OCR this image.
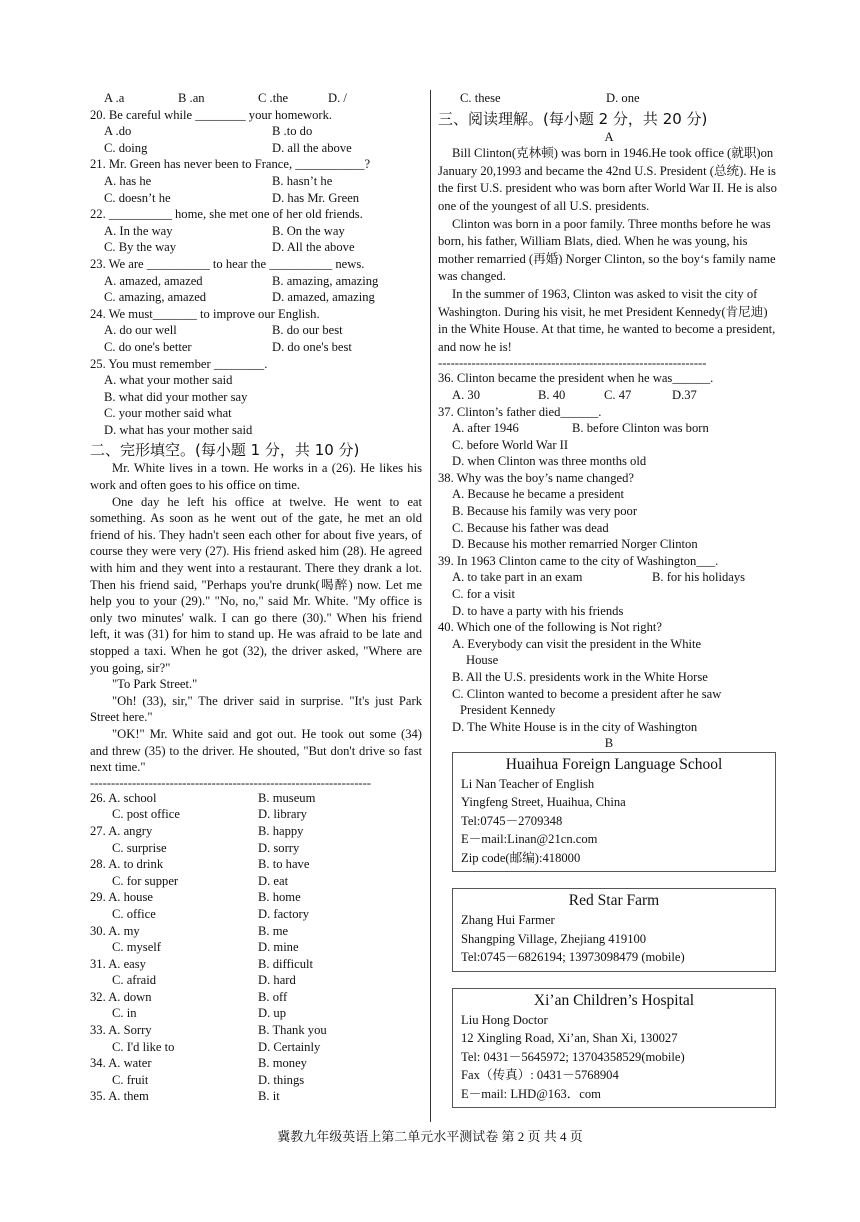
A .a	B .an	C .the	D. /
20. Be careful while ________ your homework.
A .do	B .to do
C. doing	D. all the above
21. Mr. Green has never been to France, ___________?
A. has he	B. hasn’t he
C. doesn’t he	D. has Mr. Green
22. __________ home, she met one of her old friends.
A. In the way	B. On the way
C. By the way	D. All the above
23. We are __________ to hear the __________ news.
A. amazed, amazed	B. amazing, amazing
C. amazing, amazed	D. amazed, amazing
24. We must_______ to improve our English.
A. do our well	B. do our best
C. do one's better	D. do one's best
25. You must remember ________.
A. what your mother said
B. what did your mother say
C. your mother said what
D. what has your mother said
二、完形填空。(每小题 1 分，共 10 分)

Mr. White lives in a town. He works in a (26). He likes his work and often goes to his office on time.

One day he left his office at twelve. He went to eat something. As soon as he went out of the gate, he met an old friend of his. They hadn't seen each other for about five years, of course they were very (27). His friend asked him (28). He agreed with him and they went into a restaurant. There they drank a lot. Then his friend said, "Perhaps you're drunk(喝醉) now. Let me help you to your (29)." "No, no," said Mr. White. "My office is only two minutes' walk. I can go there (30)." When his friend left, it was (31) for him to stand up. He was afraid to be late and stopped a taxi. When he got (32), the driver asked, "Where are you going, sir?"

"To Park Street."

"Oh! (33), sir," The driver said in surprise. "It's just Park Street here."

"OK!" Mr. White said and got out. He took out some (34) and threw (35) to the driver. He shouted, "But don't drive so fast next time."

-------------------------------------------------------------------
26. A. school	B. museum
C. post office	D. library
27. A. angry	B. happy
C. surprise	D. sorry
28. A. to drink	B. to have
C. for supper	D. eat
29. A. house	B. home
C. office	D. factory
30. A. my	B. me
C. myself	D. mine
31. A. easy	B. difficult
C. afraid	D. hard
32. A. down	B. off
C. in	D. up
33. A. Sorry	B. Thank you
C. I'd like to	D. Certainly
34. A. water	B. money
C. fruit	D. things
35. A. them	B. it
C. these	D. one
三、阅读理解。(每小题 2 分，共 20 分)
A

Bill Clinton(克林顿) was born in 1946.He took office (就职)on January 20,1993 and became the 42nd U.S. President (总统). He is the first U.S. president who was born after World War II. He is also one of the youngest of all U.S. presidents.

Clinton was born in a poor family. Three months before he was born, his father, William Blats, died. When he was young, his mother remarried (再婚) Norger Clinton, so the boy‘s family name was changed.

In the summer of 1963, Clinton was asked to visit the city of Washington. During his visit, he met President Kennedy(肯尼迪) in the White House. At that time, he wanted to become a president, and now he is!

----------------------------------------------------------------
36. Clinton became the president when he was______.
A. 30	B. 40	C. 47	D.37
37. Clinton’s father died______.
A. after 1946	B. before Clinton was born
C. before World War II
D. when Clinton was three months old
38. Why was the boy’s name changed?
A. Because he became a president
B. Because his family was very poor
C. Because his father was dead
D. Because his mother remarried Norger Clinton
39. In 1963 Clinton came to the city of Washington___.
A. to take part in an exam	B. for his holidays
C. for a visit
D. to have a party with his friends
40. Which one of the following is Not right?
A. Everybody can visit the president in the White
House
B. All the U.S. presidents work in the White Horse
C. Clinton wanted to become a president after he saw
President Kennedy
D. The White House is in the city of Washington
B
Huaihua Foreign Language School
Li Nan Teacher of English
Yingfeng Street, Huaihua, China
Tel:0745－2709348
E－mail:Linan@21cn.com
Zip code(邮编):418000
Red Star Farm
Zhang Hui Farmer
Shangping Village, Zhejiang 419100
Tel:0745－6826194; 13973098479 (mobile)
Xi’an Children’s Hospital
Liu Hong Doctor
12 Xingling Road, Xi’an, Shan Xi, 130027
Tel: 0431－5645972; 13704358529(mobile)
Fax（传真）: 0431－5768904
E－mail: LHD@163．com
冀教九年级英语上第二单元水平测试卷 第 2 页 共 4 页
